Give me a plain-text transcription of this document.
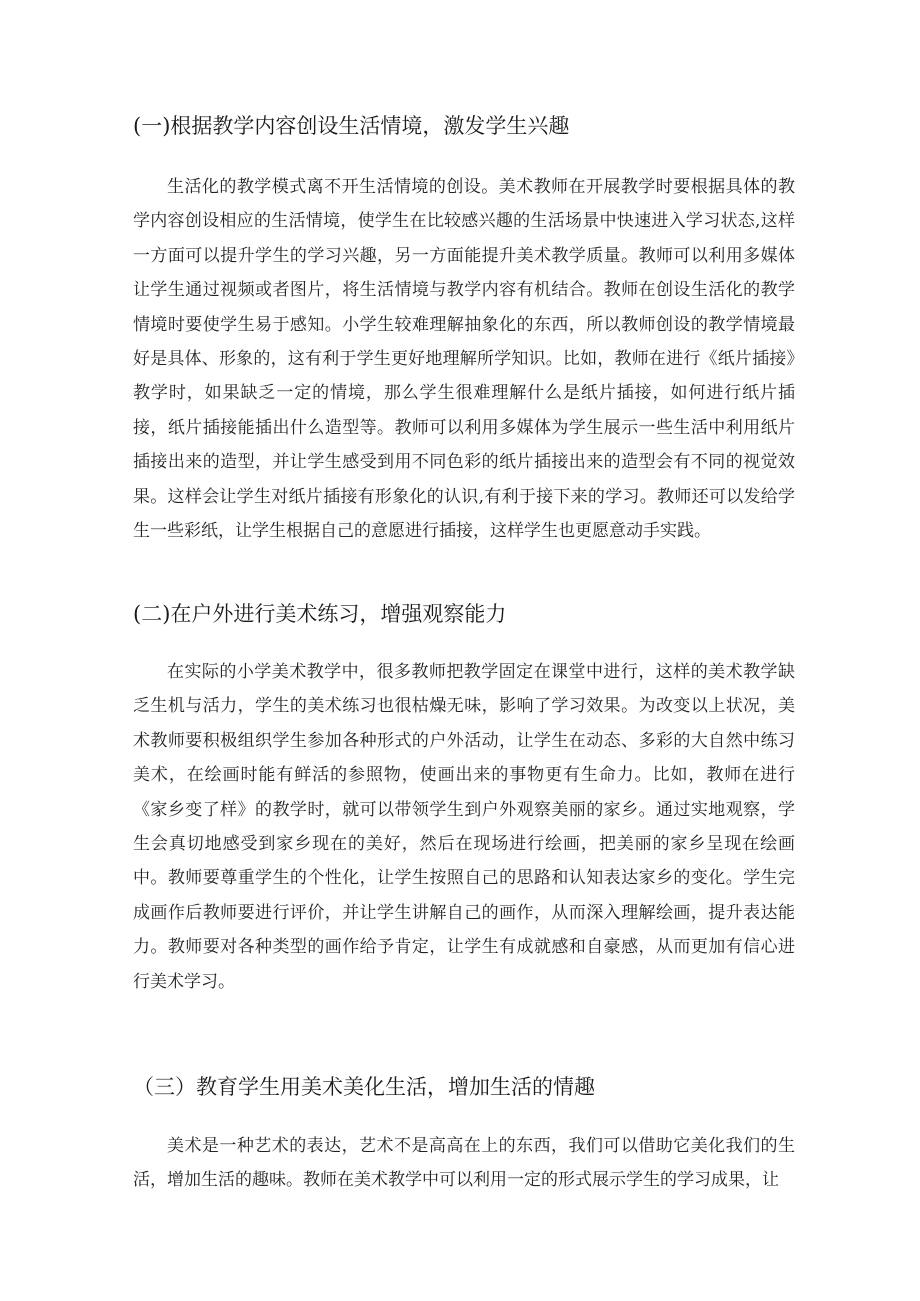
(一)根据教学内容创设生活情境，激发学生兴趣

生活化的教学模式离不开生活情境的创设。美术教师在开展教学时要根据具体的教学内容创设相应的生活情境，使学生在比较感兴趣的生活场景中快速进入学习状态,这样一方面可以提升学生的学习兴趣，另一方面能提升美术教学质量。教师可以利用多媒体让学生通过视频或者图片，将生活情境与教学内容有机结合。教师在创设生活化的教学情境时要使学生易于感知。小学生较难理解抽象化的东西，所以教师创设的教学情境最好是具体、形象的，这有利于学生更好地理解所学知识。比如，教师在进行《纸片插接》教学时，如果缺乏一定的情境，那么学生很难理解什么是纸片插接，如何进行纸片插接，纸片插接能插出什么造型等。教师可以利用多媒体为学生展示一些生活中利用纸片插接出来的造型，并让学生感受到用不同色彩的纸片插接出来的造型会有不同的视觉效果。这样会让学生对纸片插接有形象化的认识,有利于接下来的学习。教师还可以发给学生一些彩纸，让学生根据自己的意愿进行插接，这样学生也更愿意动手实践。

(二)在户外进行美术练习，增强观察能力

在实际的小学美术教学中，很多教师把教学固定在课堂中进行，这样的美术教学缺乏生机与活力，学生的美术练习也很枯燥无味，影响了学习效果。为改变以上状况，美术教师要积极组织学生参加各种形式的户外活动，让学生在动态、多彩的大自然中练习美术，在绘画时能有鲜活的参照物，使画出来的事物更有生命力。比如，教师在进行《家乡变了样》的教学时，就可以带领学生到户外观察美丽的家乡。通过实地观察，学生会真切地感受到家乡现在的美好，然后在现场进行绘画，把美丽的家乡呈现在绘画中。教师要尊重学生的个性化，让学生按照自己的思路和认知表达家乡的变化。学生完成画作后教师要进行评价，并让学生讲解自己的画作，从而深入理解绘画，提升表达能力。教师要对各种类型的画作给予肯定，让学生有成就感和自豪感，从而更加有信心进行美术学习。

（三）教育学生用美术美化生活，增加生活的情趣

美术是一种艺术的表达，艺术不是高高在上的东西，我们可以借助它美化我们的生活，增加生活的趣味。教师在美术教学中可以利用一定的形式展示学生的学习成果，让
